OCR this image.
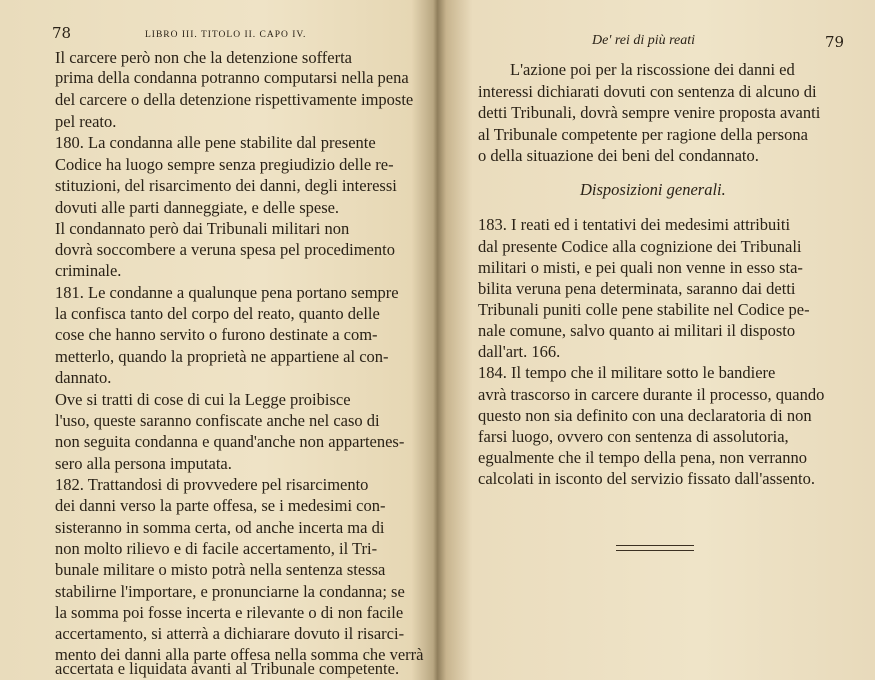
78	LIBRO III. TITOLO II. CAPO IV.
Il carcere però non che la detenzione sofferta
prima della condanna potranno computarsi nella pena
del carcere o della detenzione rispettivamente imposte
pel reato.
180. La condanna alle pene stabilite dal presente
Codice ha luogo sempre senza pregiudizio delle re-
stituzioni, del risarcimento dei danni, degli interessi
dovuti alle parti danneggiate, e delle spese.
Il condannato però dai Tribunali militari non
dovrà soccombere a veruna spesa pel procedimento
criminale.
181. Le condanne a qualunque pena portano sempre
la confisca tanto del corpo del reato, quanto delle
cose che hanno servito o furono destinate a com-
metterlo, quando la proprietà ne appartiene al con-
dannato.
Ove si tratti di cose di cui la Legge proibisce
l'uso, queste saranno confiscate anche nel caso di
non seguita condanna e quand'anche non appartenes-
sero alla persona imputata.
182. Trattandosi di provvedere pel risarcimento
dei danni verso la parte offesa, se i medesimi con-
sisteranno in somma certa, od anche incerta ma di
non molto rilievo e di facile accertamento, il Tri-
bunale militare o misto potrà nella sentenza stessa
stabilirne l'importare, e pronunciarne la condanna; se
la somma poi fosse incerta e rilevante o di non facile
accertamento, si atterrà a dichiarare dovuto il risarci-
mento dei danni alla parte offesa nella somma che verrà
accertata e liquidata avanti al Tribunale competente.
De' rei di più reati	79
L'azione poi per la riscossione dei danni ed
interessi dichiarati dovuti con sentenza di alcuno di
detti Tribunali, dovrà sempre venire proposta avanti
al Tribunale competente per ragione della persona
o della situazione dei beni del condannato.
Disposizioni generali.
183. I reati ed i tentativi dei medesimi attribuiti
dal presente Codice alla cognizione dei Tribunali
militari o misti, e pei quali non venne in esso sta-
bilita veruna pena determinata, saranno dai detti
Tribunali puniti colle pene stabilite nel Codice pe-
nale comune, salvo quanto ai militari il disposto
dall'art. 166.
184. Il tempo che il militare sotto le bandiere
avrà trascorso in carcere durante il processo, quando
questo non sia definito con una declaratoria di non
farsi luogo, ovvero con sentenza di assolutoria,
egualmente che il tempo della pena, non verranno
calcolati in isconto del servizio fissato dall'assento.
